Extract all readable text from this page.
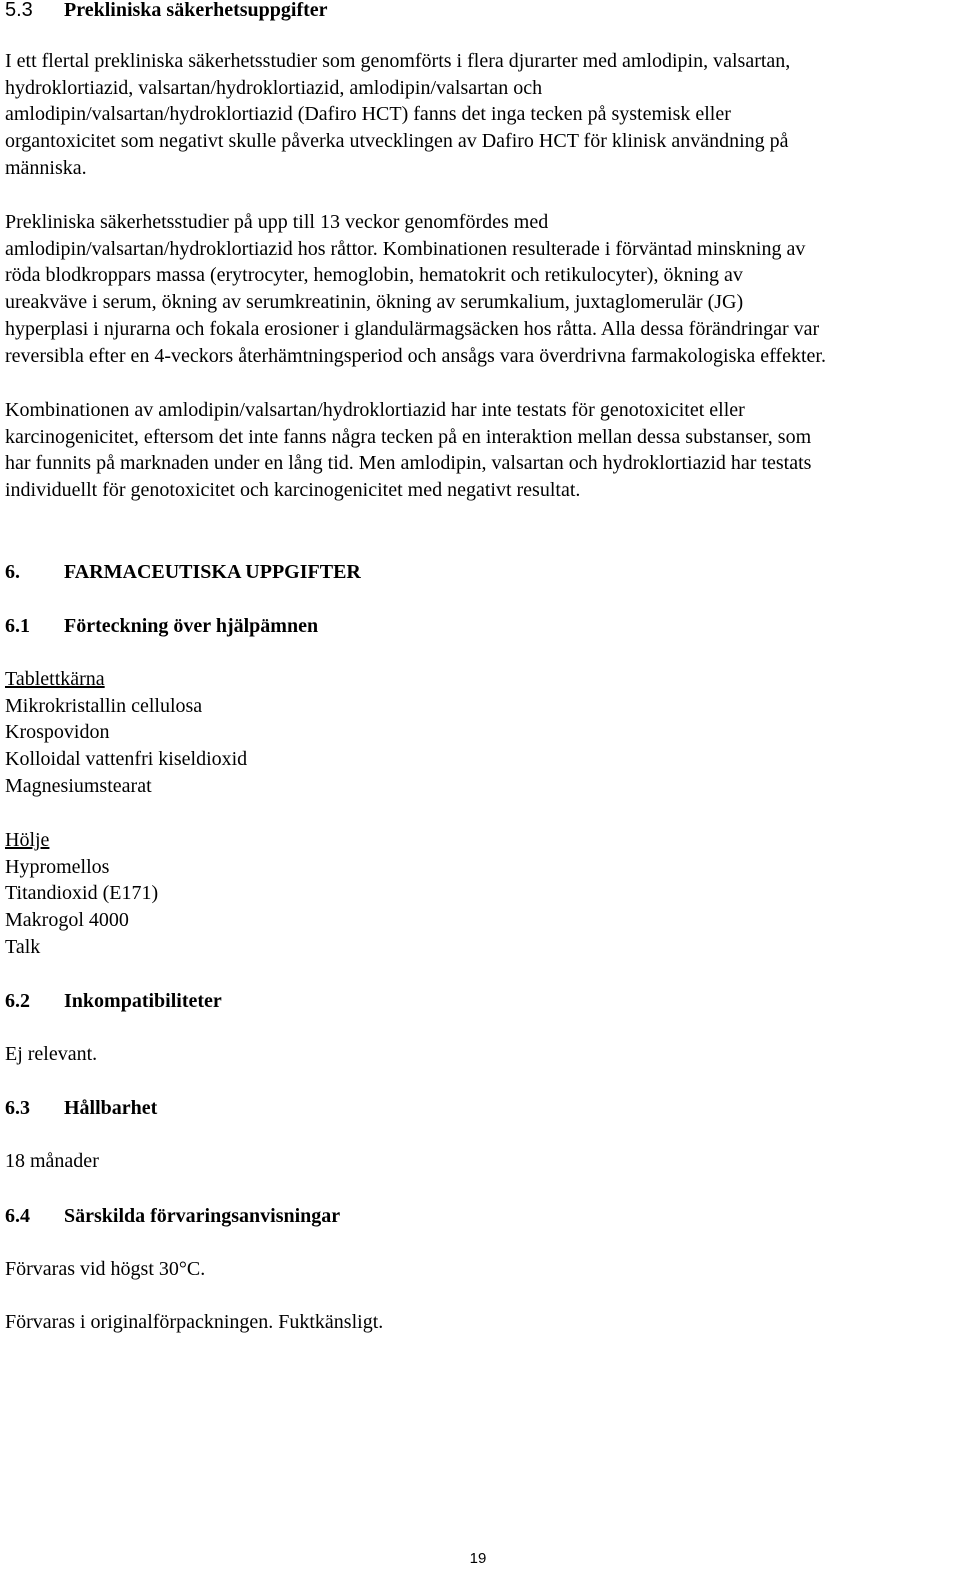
5.3 Prekliniska säkerhetsuppgifter
I ett flertal prekliniska säkerhetsstudier som genomförts i flera djurarter med amlodipin, valsartan,
hydroklortiazid, valsartan/hydroklortiazid, amlodipin/valsartan och
amlodipin/valsartan/hydroklortiazid (Dafiro HCT) fanns det inga tecken på systemisk eller
organtoxicitet som negativt skulle påverka utvecklingen av Dafiro HCT för klinisk användning på
människa.
Prekliniska säkerhetsstudier på upp till 13 veckor genomfördes med
amlodipin/valsartan/hydroklortiazid hos råttor. Kombinationen resulterade i förväntad minskning av
röda blodkroppars massa (erytrocyter, hemoglobin, hematokrit och retikulocyter), ökning av
ureakväve i serum, ökning av serumkreatinin, ökning av serumkalium, juxtaglomerulär (JG)
hyperplasi i njurarna och fokala erosioner i glandulärmagsäcken hos råtta. Alla dessa förändringar var
reversibla efter en 4-veckors återhämtningsperiod och ansågs vara överdrivna farmakologiska effekter.
Kombinationen av amlodipin/valsartan/hydroklortiazid har inte testats för genotoxicitet eller
karcinogenicitet, eftersom det inte fanns några tecken på en interaktion mellan dessa substanser, som
har funnits på marknaden under en lång tid. Men amlodipin, valsartan och hydroklortiazid har testats
individuellt för genotoxicitet och karcinogenicitet med negativt resultat.
6. FARMACEUTISKA UPPGIFTER
6.1 Förteckning över hjälpämnen
Tablettkärna
Mikrokristallin cellulosa
Krospovidon
Kolloidal vattenfri kiseldioxid
Magnesiumstearat
Hölje
Hypromellos
Titandioxid (E171)
Makrogol 4000
Talk
6.2 Inkompatibiliteter
Ej relevant.
6.3 Hållbarhet
18 månader
6.4 Särskilda förvaringsanvisningar
Förvaras vid högst 30°C.
Förvaras i originalförpackningen. Fuktkänsligt.
19
